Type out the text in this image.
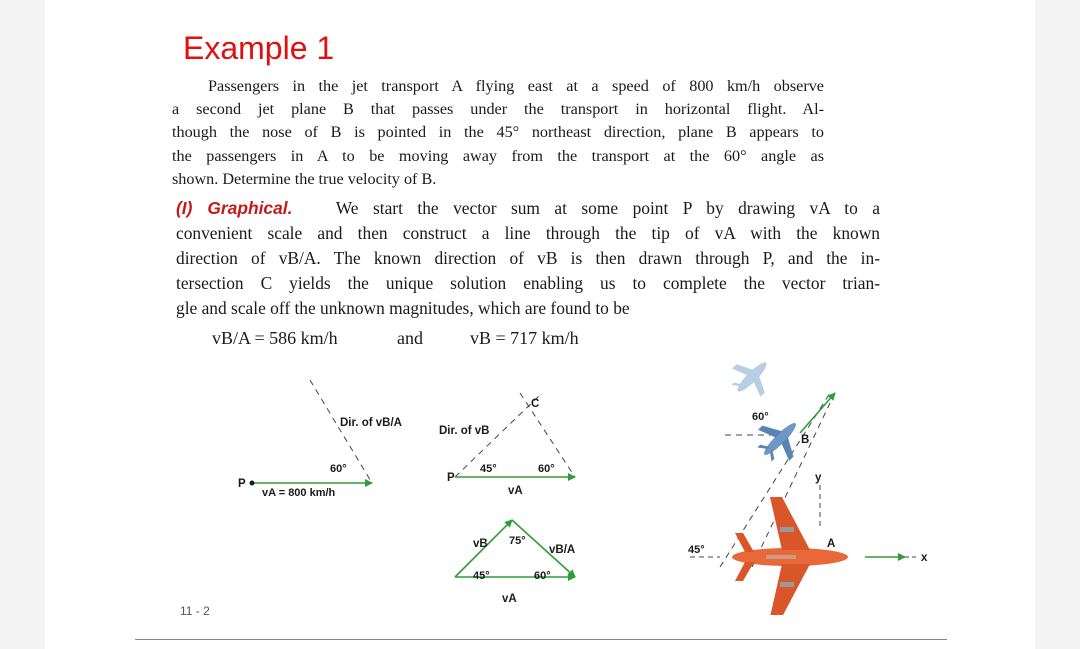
Example 1
Passengers in the jet transport A flying east at a speed of 800 km/h observe
a second jet plane B that passes under the transport in horizontal flight. Al-
though the nose of B is pointed in the 45° northeast direction, plane B appears to
the passengers in A to be moving away from the transport at the 60° angle as
shown. Determine the true velocity of B.
(I) Graphical. We start the vector sum at some point P by drawing vA to a
convenient scale and then construct a line through the tip of vA with the known
direction of vB/A. The known direction of vB is then drawn through P, and the in-
tersection C yields the unique solution enabling us to complete the vector trian-
gle and scale off the unknown magnitudes, which are found to be
vB/A = 586 km/h	and	vB = 717 km/h
P
Dir. of vB/A
60°
vA = 800 km/h
C
Dir. of vB
P
45°	60°
vA
vB	vB/A
75°
45°	60°
vA
B
60°
A
45°
y
x
11 - 2
